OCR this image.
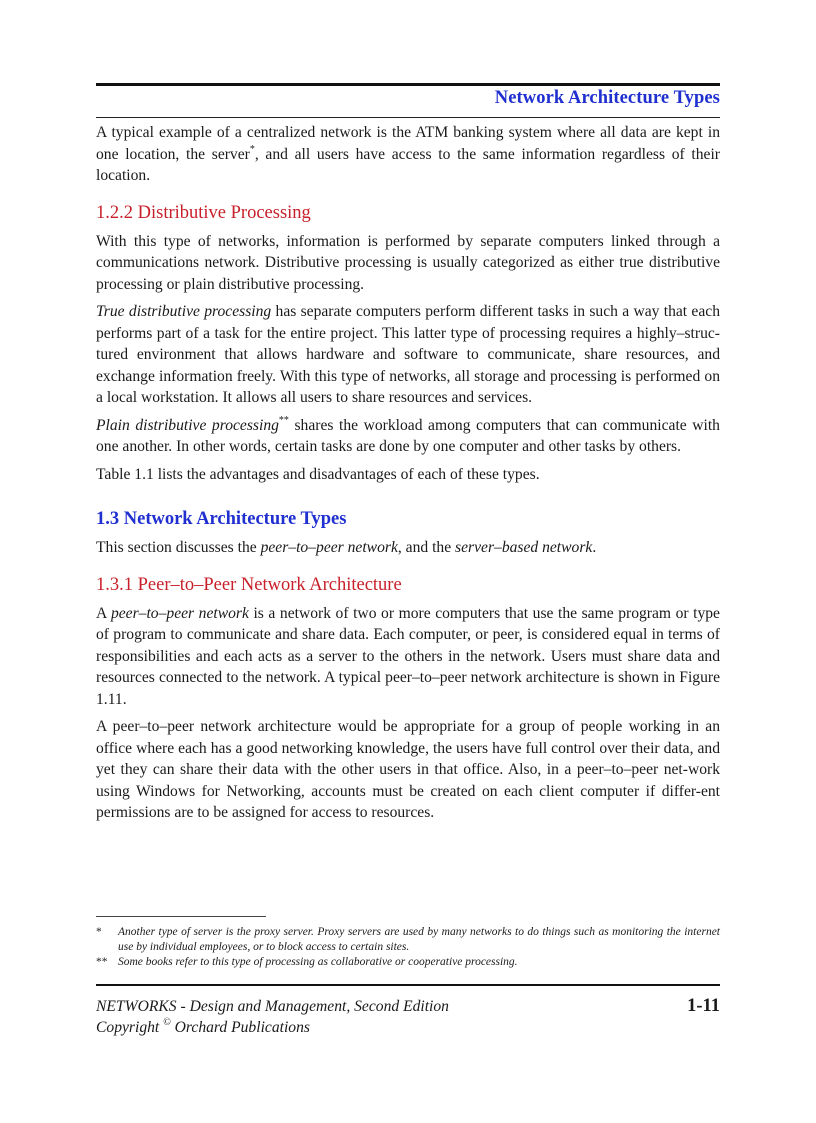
Network Architecture Types

A typical example of a centralized network is the ATM banking system where all data are kept in one location, the server*, and all users have access to the same information regardless of their location.

1.2.2 Distributive Processing

With this type of networks, information is performed by separate computers linked through a communications network. Distributive processing is usually categorized as either true distributive processing or plain distributive processing.

True distributive processing has separate computers perform different tasks in such a way that each performs part of a task for the entire project. This latter type of processing requires a highly–struc-tured environment that allows hardware and software to communicate, share resources, and exchange information freely. With this type of networks, all storage and processing is performed on a local workstation. It allows all users to share resources and services.

Plain distributive processing** shares the workload among computers that can communicate with one another. In other words, certain tasks are done by one computer and other tasks by others.

Table 1.1 lists the advantages and disadvantages of each of these types.

1.3 Network Architecture Types

This section discusses the peer–to–peer network, and the server–based network.

1.3.1 Peer–to–Peer Network Architecture

A peer–to–peer network is a network of two or more computers that use the same program or type of program to communicate and share data. Each computer, or peer, is considered equal in terms of responsibilities and each acts as a server to the others in the network. Users must share data and resources connected to the network. A typical peer–to–peer network architecture is shown in Figure 1.11.

A peer–to–peer network architecture would be appropriate for a group of people working in an office where each has a good networking knowledge, the users have full control over their data, and yet they can share their data with the other users in that office. Also, in a peer–to–peer net-work using Windows for Networking, accounts must be created on each client computer if differ-ent permissions are to be assigned for access to resources.

*	Another type of server is the proxy server. Proxy servers are used by many networks to do things such as monitoring the internet use by individual employees, or to block access to certain sites.
** Some books refer to this type of processing as collaborative or cooperative processing.
NETWORKS - Design and Management, Second Edition
Copyright © Orchard Publications
1-11
